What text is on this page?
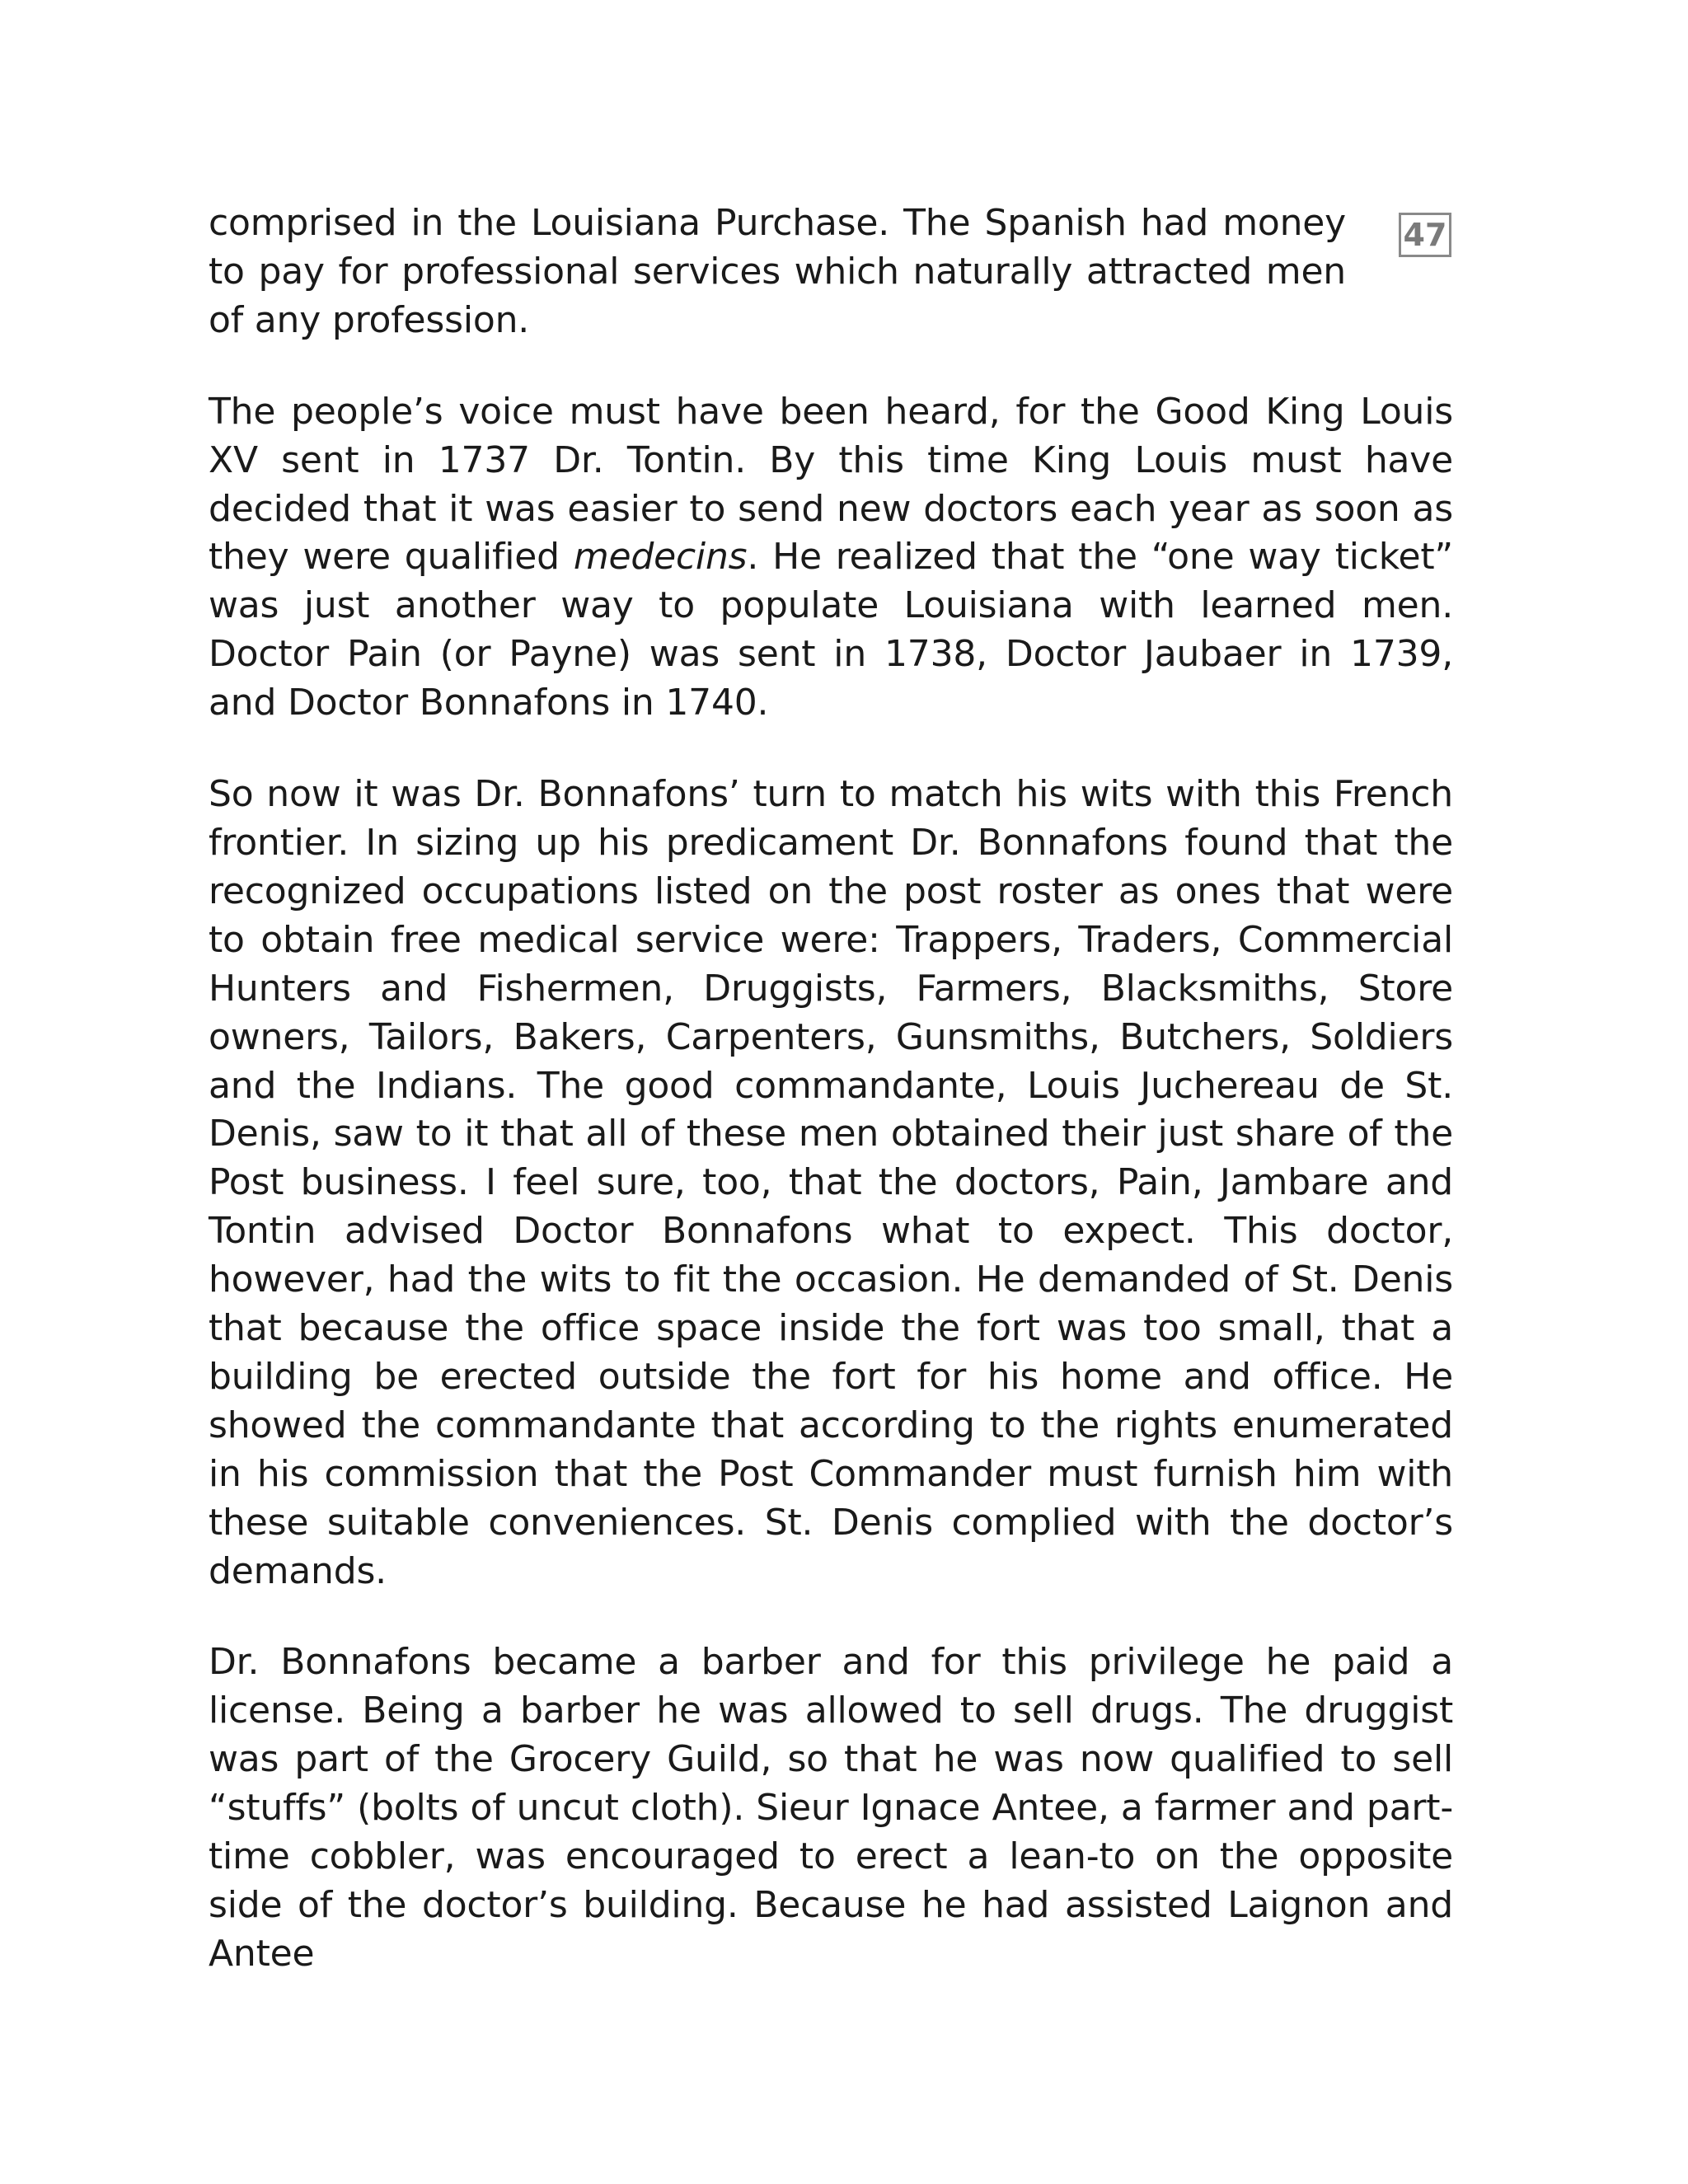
47

comprised in the Louisiana Purchase. The Spanish had money to pay for professional services which naturally attracted men of any profession.

The people’s voice must have been heard, for the Good King Louis XV sent in 1737 Dr. Tontin. By this time King Louis must have decided that it was easier to send new doctors each year as soon as they were qualified medecins. He realized that the “one way ticket” was just another way to populate Louisiana with learned men. Doctor Pain (or Payne) was sent in 1738, Doctor Jaubaer in 1739, and Doctor Bonnafons in 1740.

So now it was Dr. Bonnafons’ turn to match his wits with this French frontier. In sizing up his predicament Dr. Bonnafons found that the recognized occupations listed on the post roster as ones that were to obtain free medical service were: Trappers, Traders, Commercial Hunters and Fishermen, Druggists, Farmers, Blacksmiths, Store owners, Tailors, Bakers, Carpenters, Gunsmiths, Butchers, Soldiers and the Indians. The good commandante, Louis Juchereau de St. Denis, saw to it that all of these men obtained their just share of the Post business. I feel sure, too, that the doctors, Pain, Jambare and Tontin advised Doctor Bonnafons what to expect. This doctor, however, had the wits to fit the occasion. He demanded of St. Denis that because the office space inside the fort was too small, that a building be erected outside the fort for his home and office. He showed the commandante that according to the rights enumerated in his commission that the Post Commander must furnish him with these suitable conveniences. St. Denis complied with the doctor’s demands.

Dr. Bonnafons became a barber and for this privilege he paid a license. Being a barber he was allowed to sell drugs. The druggist was part of the Grocery Guild, so that he was now qualified to sell “stuffs” (bolts of uncut cloth). Sieur Ignace Antee, a farmer and part-time cobbler, was encouraged to erect a lean-to on the opposite side of the doctor’s building. Because he had assisted Laignon and Antee
